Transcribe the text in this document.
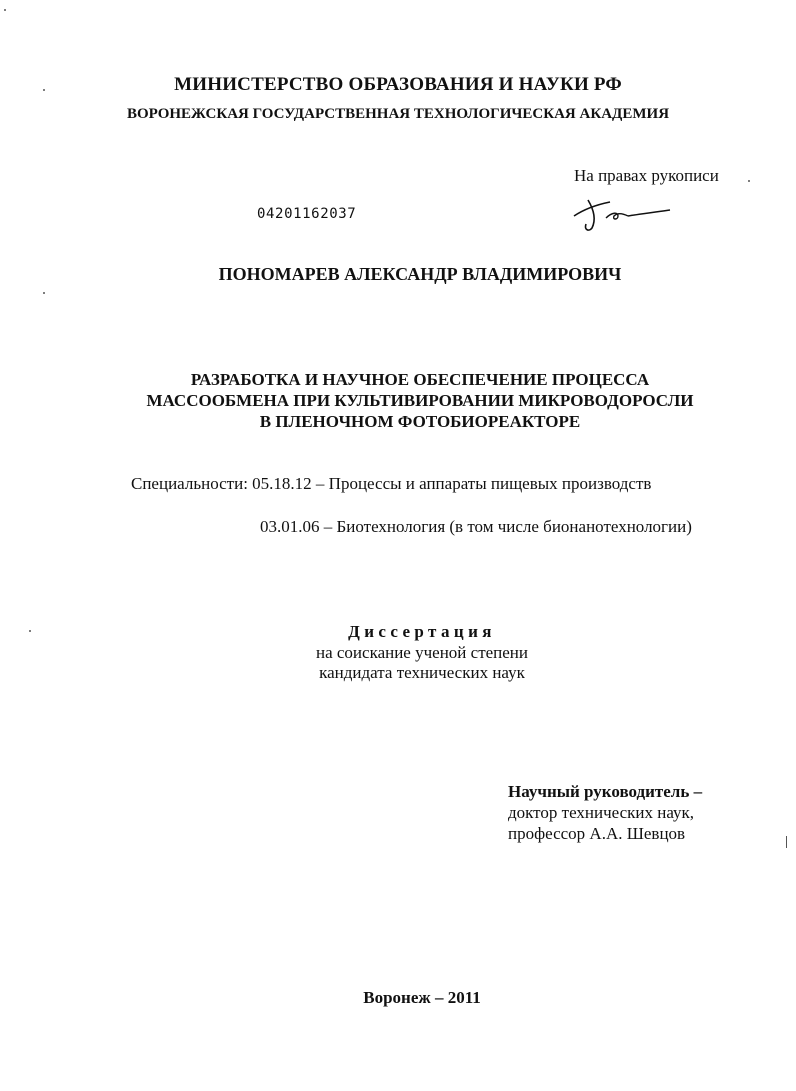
МИНИСТЕРСТВО ОБРАЗОВАНИЯ И НАУКИ РФ
ВОРОНЕЖСКАЯ ГОСУДАРСТВЕННАЯ ТЕХНОЛОГИЧЕСКАЯ АКАДЕМИЯ
На правах рукописи
04201162037
ПОНОМАРЕВ АЛЕКСАНДР ВЛАДИМИРОВИЧ
РАЗРАБОТКА И НАУЧНОЕ ОБЕСПЕЧЕНИЕ ПРОЦЕССА
МАССООБМЕНА ПРИ КУЛЬТИВИРОВАНИИ МИКРОВОДОРОСЛИ
В ПЛЕНОЧНОМ ФОТОБИОРЕАКТОРЕ
Специальности: 05.18.12 – Процессы и аппараты пищевых производств
03.01.06 – Биотехнология (в том числе бионанотехнологии)
Диссертация
на соискание ученой степени
кандидата технических наук
Научный руководитель –
доктор технических наук,
профессор А.А. Шевцов
Воронеж – 2011
